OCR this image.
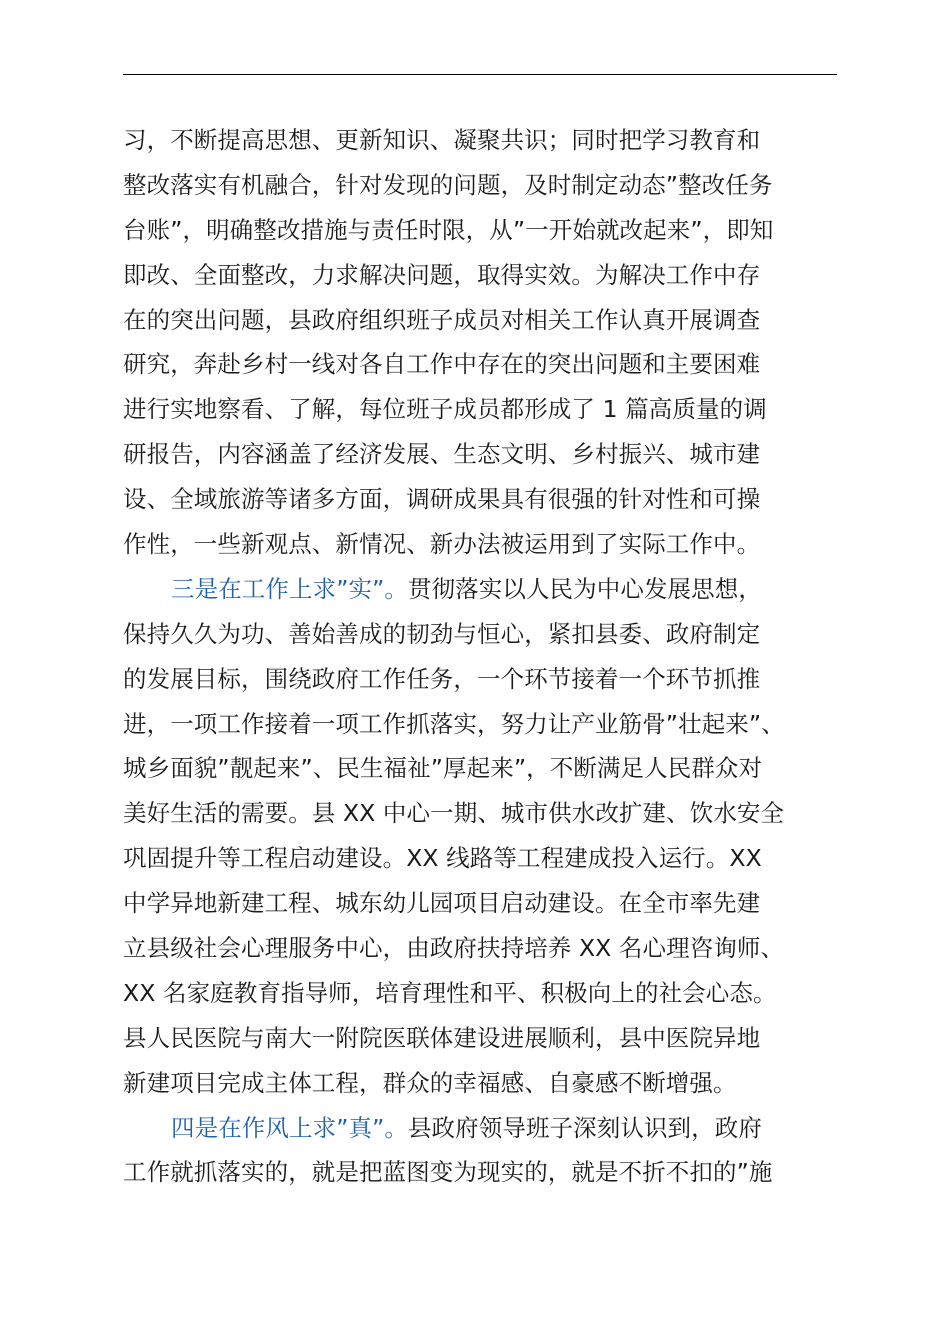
习，不断提高思想、更新知识、凝聚共识；同时把学习教育和
整改落实有机融合，针对发现的问题，及时制定动态”整改任务
台账”，明确整改措施与责任时限，从”一开始就改起来”，即知
即改、全面整改，力求解决问题，取得实效。为解决工作中存
在的突出问题，县政府组织班子成员对相关工作认真开展调查
研究，奔赴乡村一线对各自工作中存在的突出问题和主要困难
进行实地察看、了解，每位班子成员都形成了 1 篇高质量的调
研报告，内容涵盖了经济发展、生态文明、乡村振兴、城市建
设、全域旅游等诸多方面，调研成果具有很强的针对性和可操
作性，一些新观点、新情况、新办法被运用到了实际工作中。
三是在工作上求”实”。贯彻落实以人民为中心发展思想，
保持久久为功、善始善成的韧劲与恒心，紧扣县委、政府制定
的发展目标，围绕政府工作任务，一个环节接着一个环节抓推
进，一项工作接着一项工作抓落实，努力让产业筋骨”壮起来”、
城乡面貌”靓起来”、民生福祉”厚起来”，不断满足人民群众对
美好生活的需要。县 XX 中心一期、城市供水改扩建、饮水安全
巩固提升等工程启动建设。XX 线路等工程建成投入运行。XX
中学异地新建工程、城东幼儿园项目启动建设。在全市率先建
立县级社会心理服务中心，由政府扶持培养 XX 名心理咨询师、
XX 名家庭教育指导师，培育理性和平、积极向上的社会心态。
县人民医院与南大一附院医联体建设进展顺利，县中医院异地
新建项目完成主体工程，群众的幸福感、自豪感不断增强。
四是在作风上求”真”。县政府领导班子深刻认识到，政府
工作就抓落实的，就是把蓝图变为现实的，就是不折不扣的”施
